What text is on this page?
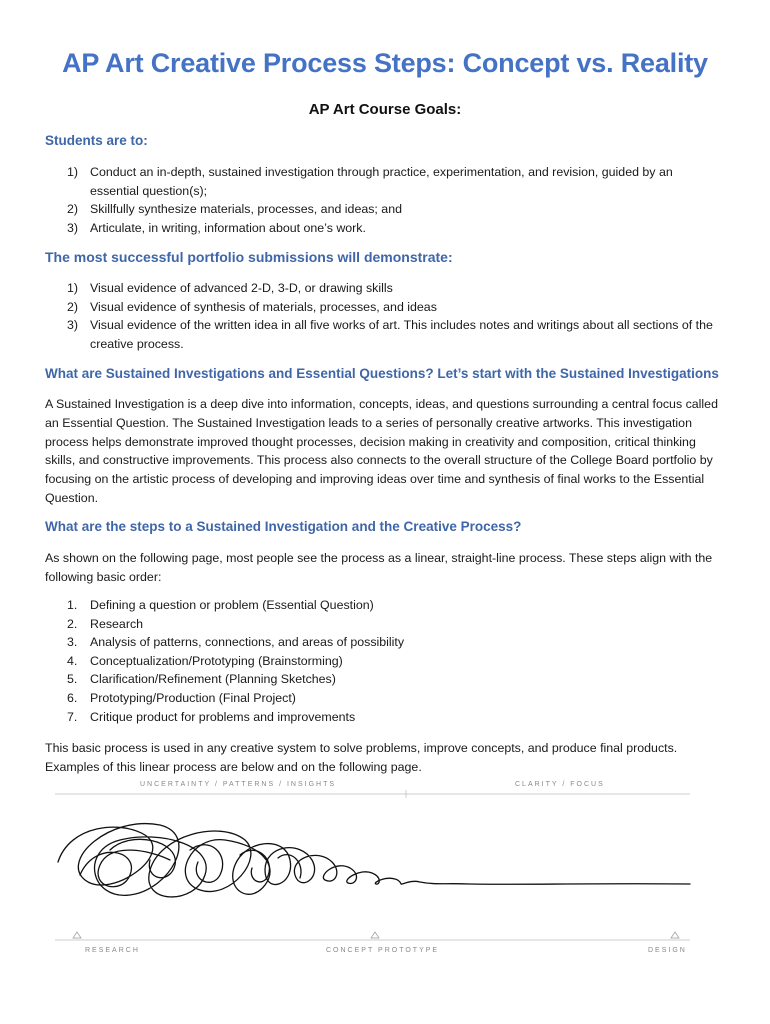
AP Art Creative Process Steps: Concept vs. Reality
AP Art Course Goals:
Students are to:
1) Conduct an in-depth, sustained investigation through practice, experimentation, and revision, guided by an essential question(s);
2) Skillfully synthesize materials, processes, and ideas; and
3) Articulate, in writing, information about one’s work.
The most successful portfolio submissions will demonstrate:
1) Visual evidence of advanced 2-D, 3-D, or drawing skills
2) Visual evidence of synthesis of materials, processes, and ideas
3) Visual evidence of the written idea in all five works of art. This includes notes and writings about all sections of the creative process.
What are Sustained Investigations and Essential Questions? Let’s start with the Sustained Investigations

A Sustained Investigation is a deep dive into information, concepts, ideas, and questions surrounding a central focus called an Essential Question. The Sustained Investigation leads to a series of personally creative artworks. This investigation process helps demonstrate improved thought processes, decision making in creativity and composition, critical thinking skills, and constructive improvements. This process also connects to the overall structure of the College Board portfolio by focusing on the artistic process of developing and improving ideas over time and synthesis of final works to the Essential Question.

What are the steps to a Sustained Investigation and the Creative Process?

As shown on the following page, most people see the process as a linear, straight-line process. These steps align with the following basic order:

1. Defining a question or problem (Essential Question)
2. Research
3. Analysis of patterns, connections, and areas of possibility
4. Conceptualization/Prototyping (Brainstorming)
5. Clarification/Refinement (Planning Sketches)
6. Prototyping/Production (Final Project)
7. Critique product for problems and improvements

This basic process is used in any creative system to solve problems, improve concepts, and produce final products. Examples of this linear process are below and on the following page.

UNCERTAINTY / PATTERNS / INSIGHTS	CLARITY / FOCUS
RESEARCH	CONCEPT PROTOTYPE	DESIGN
